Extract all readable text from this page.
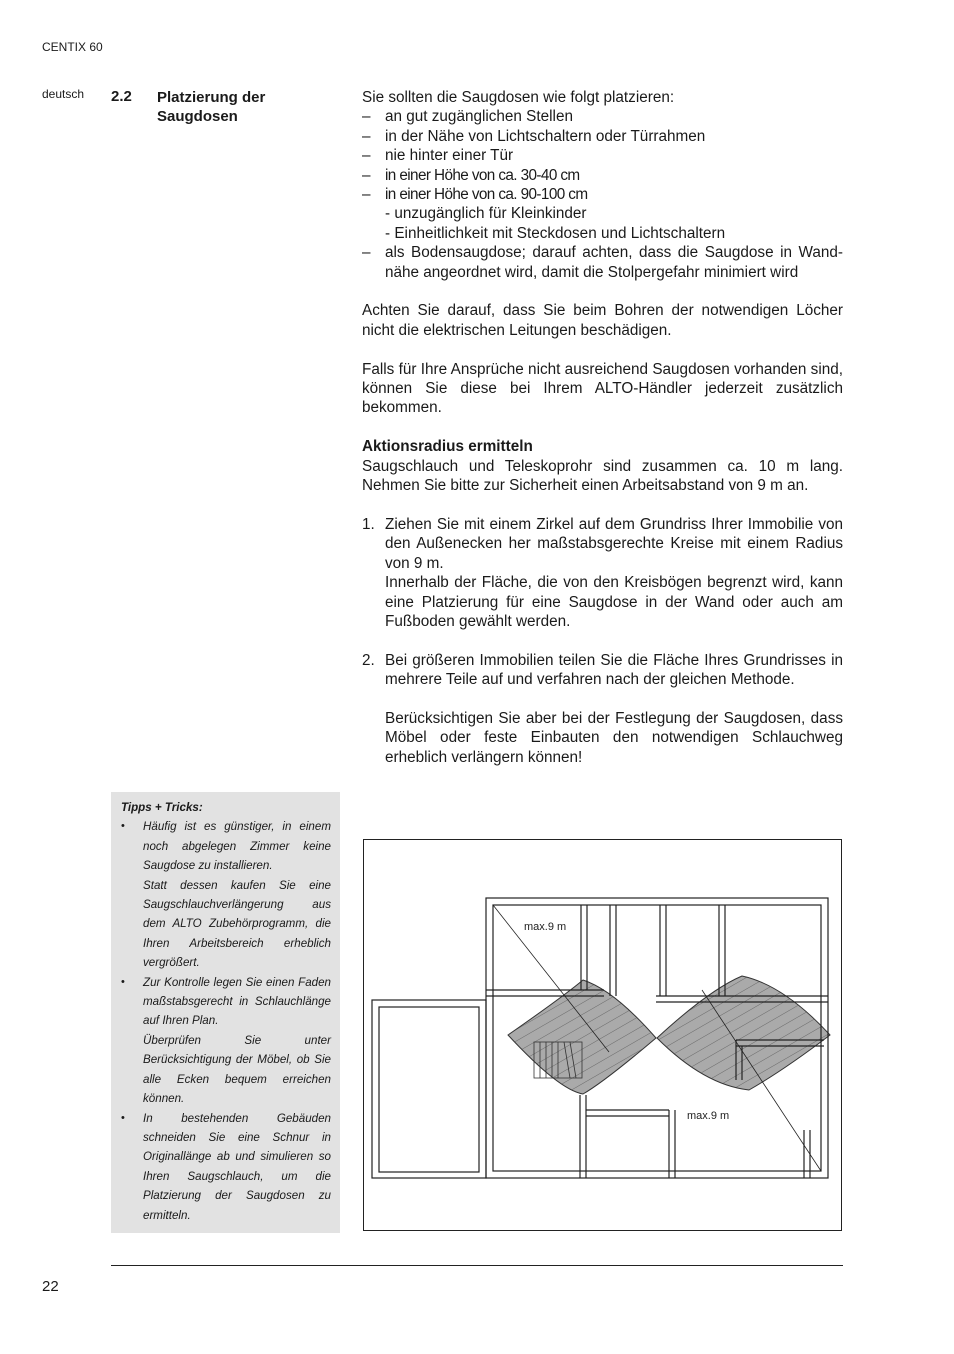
CENTIX 60
deutsch 2.2 Platzierung der Saugdosen

Sie sollten die Saugdosen wie folgt platzieren:

– an gut zugänglichen Stellen
– in der Nähe von Lichtschaltern oder Türrahmen
– nie hinter einer Tür
– in einer Höhe von ca. 30-40 cm
– in einer Höhe von ca. 90-100 cm
- unzugänglich für Kleinkinder
- Einheitlichkeit mit Steckdosen und Lichtschaltern
– als Bodensaugdose; darauf achten, dass die Saugdose in Wand-nähe angeordnet wird, damit die Stolpergefahr minimiert wird

Achten Sie darauf, dass Sie beim Bohren der notwendigen Löcher nicht die elektrischen Leitungen beschädigen.

Falls für Ihre Ansprüche nicht ausreichend Saugdosen vorhanden sind, können Sie diese bei Ihrem ALTO-Händler jederzeit zusätzlich bekommen.

Aktionsradius ermitteln

Saugschlauch und Teleskoprohr sind zusammen ca. 10 m lang. Nehmen Sie bitte zur Sicherheit einen Arbeitsabstand von 9 m an.

1. Ziehen Sie mit einem Zirkel auf dem Grundriss Ihrer Immobilie von den Außenecken her maßstabsgerechte Kreise mit einem Radius von 9 m.

Innerhalb der Fläche, die von den Kreisbögen begrenzt wird, kann eine Platzierung für eine Saugdose in der Wand oder auch am Fußboden gewählt werden.

2. Bei größeren Immobilien teilen Sie die Fläche Ihres Grundrisses in mehrere Teile auf und verfahren nach der gleichen Methode.

Berücksichtigen Sie aber bei der Festlegung der Saugdosen, dass Möbel oder feste Einbauten den notwendigen Schlauchweg erheblich verlängern können!

Tipps + Tricks:
• Häufig ist es günstiger, in einem noch abgelegen Zimmer keine Saugdose zu installieren.

Statt dessen kaufen Sie eine Saugschlauchverlängerung aus dem ALTO Zubehörprogramm, die Ihren Arbeitsbereich erheblich vergrößert.

• Zur Kontrolle legen Sie einen Faden maßstabsgerecht in Schlauchlänge auf Ihren Plan.

Überprüfen Sie unter Berücksichtigung der Möbel, ob Sie alle Ecken bequem erreichen können.

• In bestehenden Gebäuden schneiden Sie eine Schnur in Originallänge ab und simulieren so Ihren Saugschlauch, um die Platzierung der Saugdosen zu ermitteln.

max.9 m
max.9 m
22
